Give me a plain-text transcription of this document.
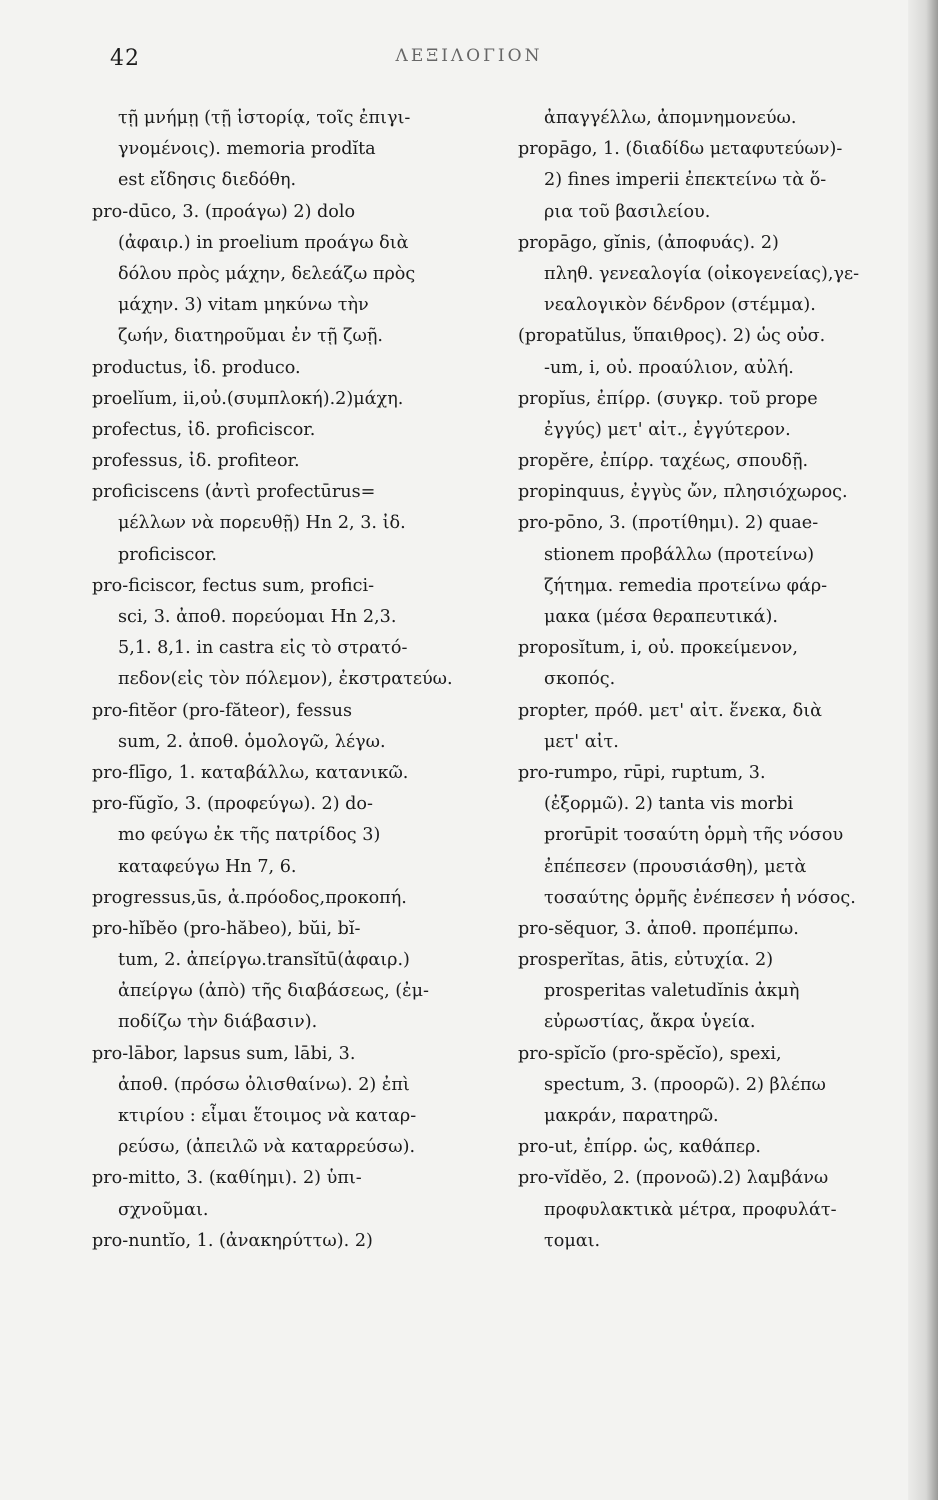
42	ΛΕΞΙΛΟΓΙΟΝ
τῇ μνήμῃ (τῇ ἱστορίᾳ, τοῖς ἐπιγι-
γνομένοις). memoria prodĭta
est εἴδησις διεδόθη.
pro-dūco, 3. (προάγω) 2) dolo
(ἀφαιρ.) in proelium προάγω διὰ
δόλου πρὸς μάχην, δελεάζω πρὸς
μάχην. 3) vitam μηκύνω τὴν
ζωήν, διατηροῦμαι ἐν τῇ ζωῇ.
productus, ἰδ. produco.
proelĭum, ii,οὐ.(συμπλοκή).2)μάχη.
profectus, ἰδ. proficiscor.
professus, ἰδ. profiteor.
proficiscens (ἀντὶ profectūrus=
μέλλων νὰ πορευθῇ) Hn 2, 3. ἰδ.
proficiscor.
pro-ficiscor, fectus sum, profici-
sci, 3. ἀποθ. πορεύομαι Hn 2,3.
5,1. 8,1. in castra εἰς τὸ στρατό-
πεδον(εἰς τὸν πόλεμον), ἐκστρατεύω.
pro-fitĕor (pro-făteor), fessus
sum, 2. ἀποθ. ὁμολογῶ, λέγω.
pro-flīgo, 1. καταβάλλω, κατανικῶ.
pro-fŭgĭo, 3. (προφεύγω). 2) do-
mo φεύγω ἐκ τῆς πατρίδος 3)
καταφεύγω Hn 7, 6.
progressus,ūs, ἀ.πρόοδος,προκοπή.
pro-hĭbĕo (pro-hăbeo), bŭi, bĭ-
tum, 2. ἀπείργω.transĭtū(ἀφαιρ.)
ἀπείργω (ἀπὸ) τῆς διαβάσεως, (ἐμ-
ποδίζω τὴν διάβασιν).
pro-lābor, lapsus sum, lābi, 3.
ἀποθ. (πρόσω ὀλισθαίνω). 2) ἐπὶ
κτιρίου : εἶμαι ἕτοιμος νὰ καταρ-
ρεύσω, (ἀπειλῶ νὰ καταρρεύσω).
pro-mitto, 3. (καθίημι). 2) ὑπι-
σχνοῦμαι.
pro-nuntĭo, 1. (ἀνακηρύττω). 2)
ἀπαγγέλλω, ἀπομνημονεύω.
propāgo, 1. (διαδίδω μεταφυτεύων)-
2) fines imperii ἐπεκτείνω τὰ ὅ-
ρια τοῦ βασιλείου.
propāgo, gĭnis, (ἀποφυάς). 2)
πληθ. γενεαλογία (οἰκογενείας),γε-
νεαλογικὸν δένδρον (στέμμα).
(propatŭlus, ὕπαιθρος). 2) ὡς οὐσ.
-um, i, οὐ. προαύλιον, αὐλή.
propĭus, ἐπίρρ. (συγκρ. τοῦ prope
ἐγγύς) μετ' αἰτ., ἐγγύτερον.
propĕre, ἐπίρρ. ταχέως, σπουδῇ.
propinquus, ἐγγὺς ὤν, πλησιόχωρος.
pro-pōno, 3. (προτίθημι). 2) quae-
stionem προβάλλω (προτείνω)
ζήτημα. remedia προτείνω φάρ-
μακα (μέσα θεραπευτικά).
proposĭtum, i, οὐ. προκείμενον,
σκοπός.
propter, πρόθ. μετ' αἰτ. ἕνεκα, διὰ
μετ' αἰτ.
pro-rumpo, rūpi, ruptum, 3.
(ἐξορμῶ). 2) tanta vis morbi
prorūpit τοσαύτη ὁρμὴ τῆς νόσου
ἐπέπεσεν (προυσιάσθη), μετὰ
τοσαύτης ὁρμῆς ἐνέπεσεν ἡ νόσος.
pro-sĕquor, 3. ἀποθ. προπέμπω.
prosperĭtas, ātis, εὐτυχία. 2)
prosperitas valetudĭnis ἀκμὴ
εὐρωστίας, ἄκρα ὑγεία.
pro-spĭcĭo (pro-spĕcĭo), spexi,
spectum, 3. (προορῶ). 2) βλέπω
μακράν, παρατηρῶ.
pro-ut, ἐπίρρ. ὡς, καθάπερ.
pro-vĭdĕo, 2. (προνοῶ).2) λαμβάνω
προφυλακτικὰ μέτρα, προφυλάτ-
τομαι.
